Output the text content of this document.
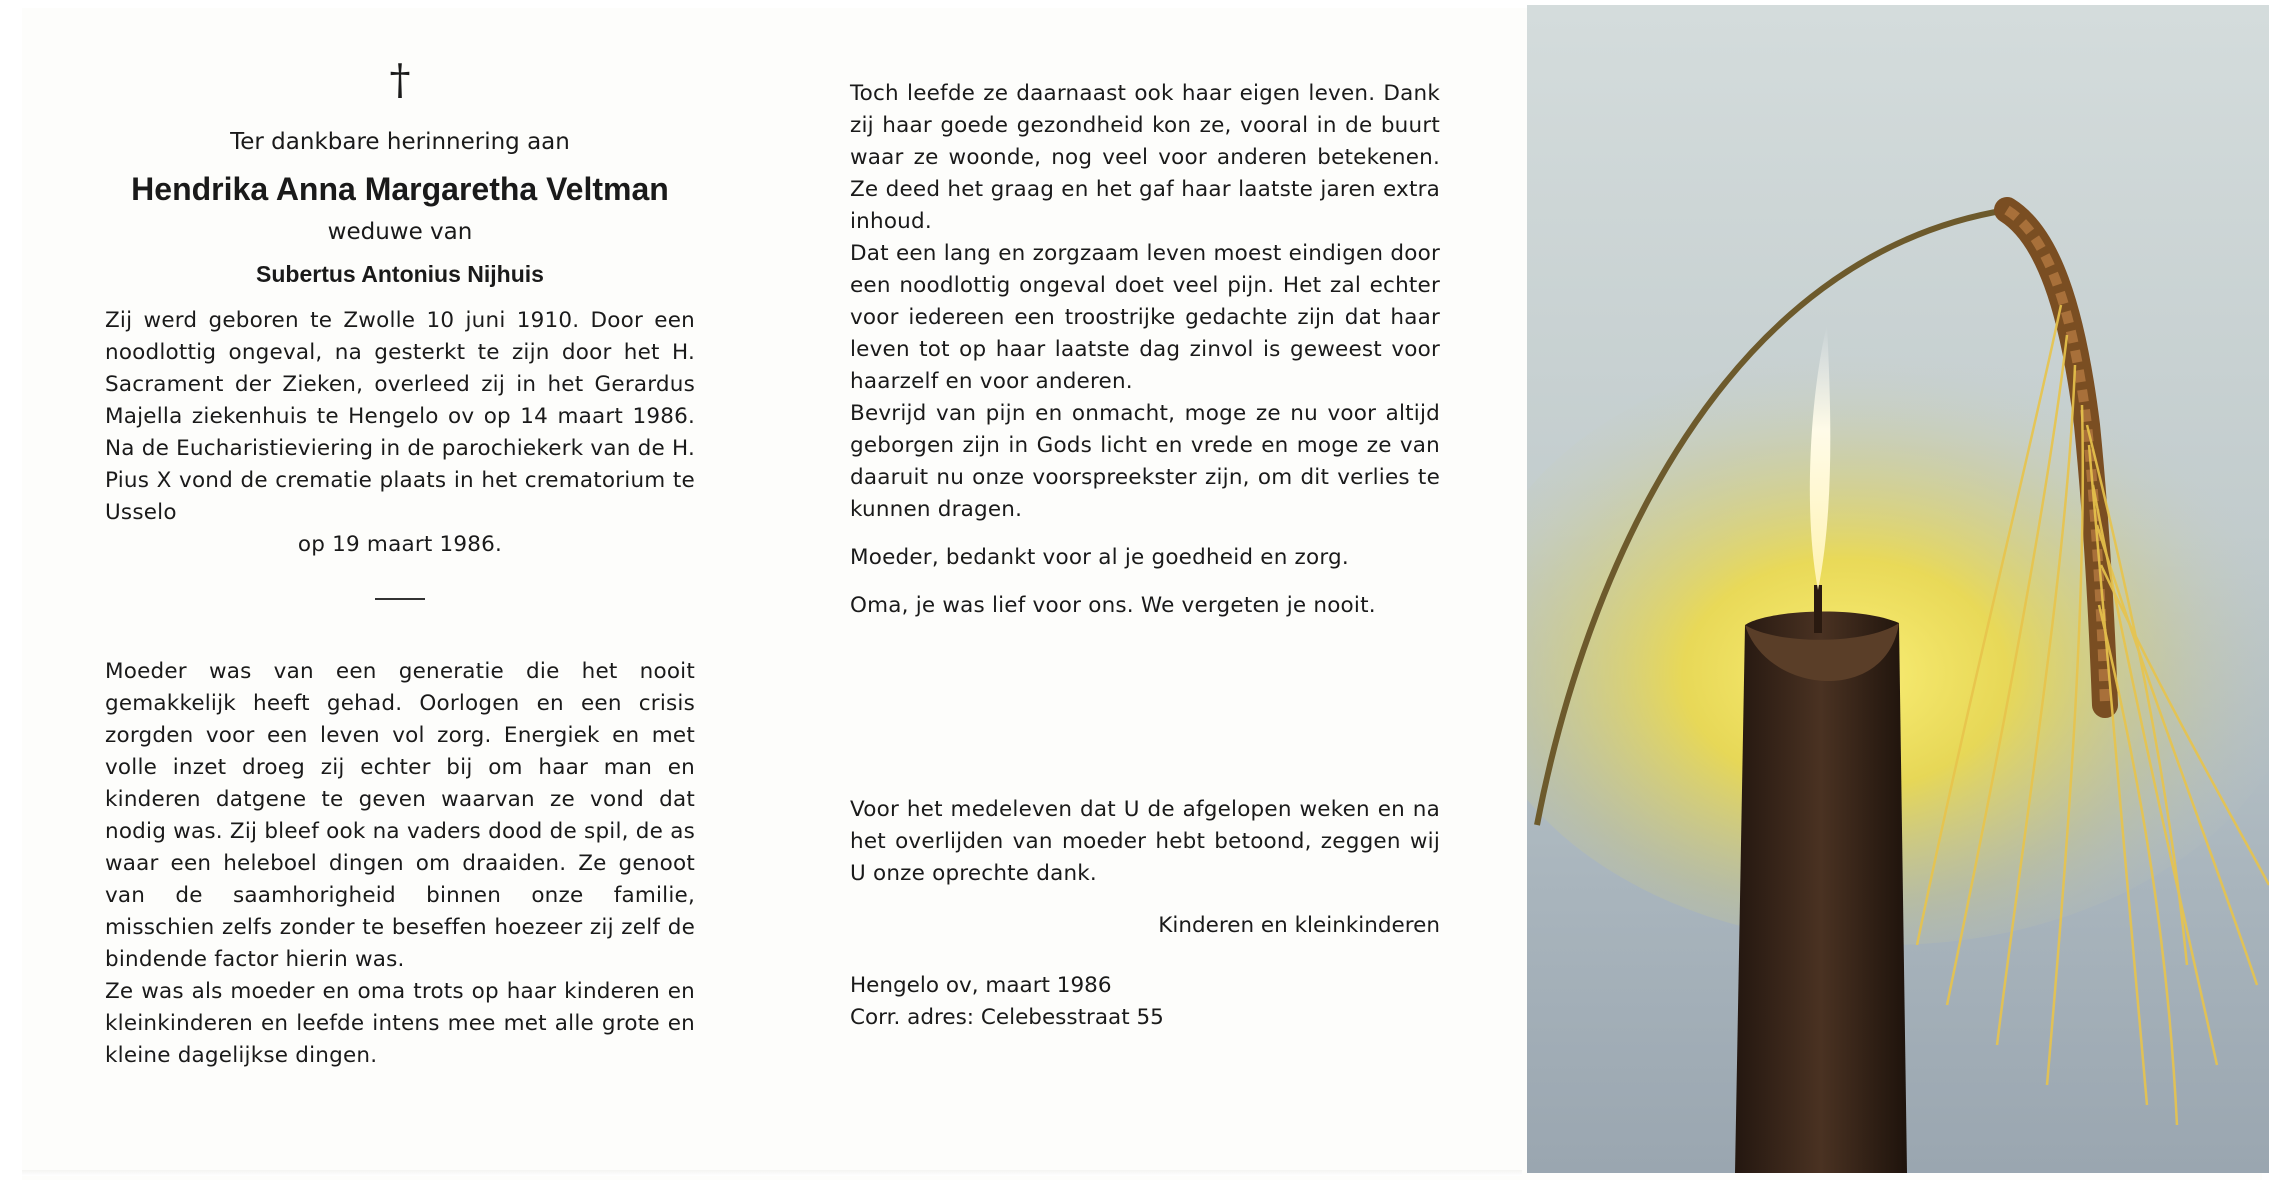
†

Ter dankbare herinnering aan

Hendrika Anna Margaretha Veltman

weduwe van

Subertus Antonius Nijhuis

Zij werd geboren te Zwolle 10 juni 1910. Door een noodlottig ongeval, na gesterkt te zijn door het H. Sacrament der Zieken, overleed zij in het Gerardus Majella ziekenhuis te Hengelo ov op 14 maart 1986. Na de Eucharistieviering in de parochiekerk van de H. Pius X vond de crematie plaats in het crematorium te Usselo

op 19 maart 1986.

Moeder was van een generatie die het nooit gemakkelijk heeft gehad. Oorlogen en een crisis zorgden voor een leven vol zorg. Energiek en met volle inzet droeg zij echter bij om haar man en kinderen datgene te geven waarvan ze vond dat nodig was. Zij bleef ook na vaders dood de spil, de as waar een heleboel dingen om draaiden. Ze genoot van de saamhorigheid binnen onze familie, misschien zelfs zonder te beseffen hoezeer zij zelf de bindende factor hierin was.

Ze was als moeder en oma trots op haar kinderen en kleinkinderen en leefde intens mee met alle grote en kleine dagelijkse dingen.

Toch leefde ze daarnaast ook haar eigen leven. Dank zij haar goede gezondheid kon ze, vooral in de buurt waar ze woonde, nog veel voor anderen betekenen. Ze deed het graag en het gaf haar laatste jaren extra inhoud.

Dat een lang en zorgzaam leven moest eindigen door een noodlottig ongeval doet veel pijn. Het zal echter voor iedereen een troostrijke gedachte zijn dat haar leven tot op haar laatste dag zinvol is geweest voor haarzelf en voor anderen.

Bevrijd van pijn en onmacht, moge ze nu voor altijd geborgen zijn in Gods licht en vrede en moge ze van daaruit nu onze voorspreekster zijn, om dit verlies te kunnen dragen.

Moeder, bedankt voor al je goedheid en zorg.

Oma, je was lief voor ons. We vergeten je nooit.

Voor het medeleven dat U de afgelopen weken en na het overlijden van moeder hebt betoond, zeggen wij U onze oprechte dank.

Kinderen en kleinkinderen

Hengelo ov, maart 1986

Corr. adres: Celebesstraat 55
